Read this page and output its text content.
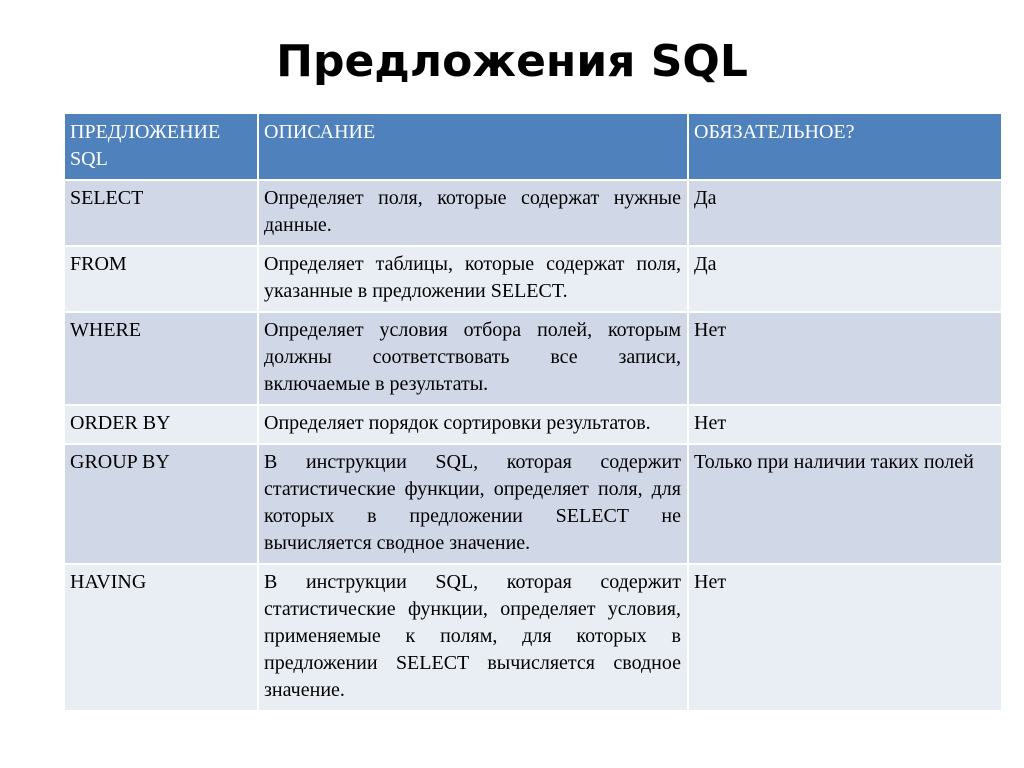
Предложения SQL
ПРЕДЛОЖЕНИЕ SQL	ОПИСАНИЕ	ОБЯЗАТЕЛЬНОЕ?
SELECT	Определяет поля, которые содержат нужные данные.	Да
FROM	Определяет таблицы, которые содержат поля, указанные в предложении SELECT.	Да
WHERE	Определяет условия отбора полей, которым должны соответствовать все записи, включаемые в результаты.	Нет
ORDER BY	Определяет порядок сортировки результатов.	Нет
GROUP BY	В инструкции SQL, которая содержит статистические функции, определяет поля, для которых в предложении SELECT не вычисляется сводное значение.	Только при наличии таких полей
HAVING	В инструкции SQL, которая содержит статистические функции, определяет условия, применяемые к полям, для которых в предложении SELECT вычисляется сводное значение.	Нет
